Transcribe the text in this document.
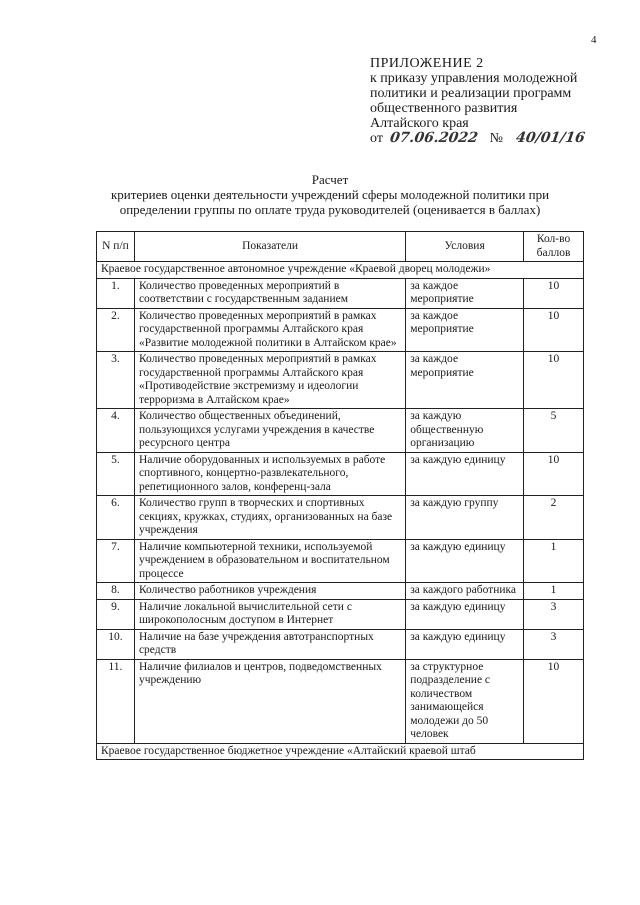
4
ПРИЛОЖЕНИЕ 2
к приказу управления молодежной
политики и реализации программ
общественного развития
Алтайского края
от 07.06.2022 № 40/01/16
Расчет
критериев оценки деятельности учреждений сферы молодежной политики при
определении группы по оплате труда руководителей (оценивается в баллах)
N п/п	Показатели	Условия	Кол-во баллов
Краевое государственное автономное учреждение «Краевой дворец молодежи»			
1.	Количество проведенных мероприятий в соответствии с государственным заданием	за каждое мероприятие	10
2.	Количество проведенных мероприятий в рамках государственной программы Алтайского края «Развитие молодежной политики в Алтайском крае»	за каждое мероприятие	10
3.	Количество проведенных мероприятий в рамках государственной программы Алтайского края «Противодействие экстремизму и идеологии терроризма в Алтайском крае»	за каждое мероприятие	10
4.	Количество общественных объединений, пользующихся услугами учреждения в качестве ресурсного центра	за каждую общественную организацию	5
5.	Наличие оборудованных и используемых в работе спортивного, концертно-развлекательного, репетиционного залов, конференц-зала	за каждую единицу	10
6.	Количество групп в творческих и спортивных секциях, кружках, студиях, организованных на базе учреждения	за каждую группу	2
7.	Наличие компьютерной техники, используемой учреждением в образовательном и воспитательном процессе	за каждую единицу	1
8.	Количество работников учреждения	за каждого работника	1
9.	Наличие локальной вычислительной сети с широкополосным доступом в Интернет	за каждую единицу	3
10.	Наличие на базе учреждения автотранспортных средств	за каждую единицу	3
11.	Наличие филиалов и центров, подведомственных учреждению	за структурное подразделение с количеством занимающейся молодежи до 50 человек	10
Краевое государственное бюджетное учреждение «Алтайский краевой штаб			
